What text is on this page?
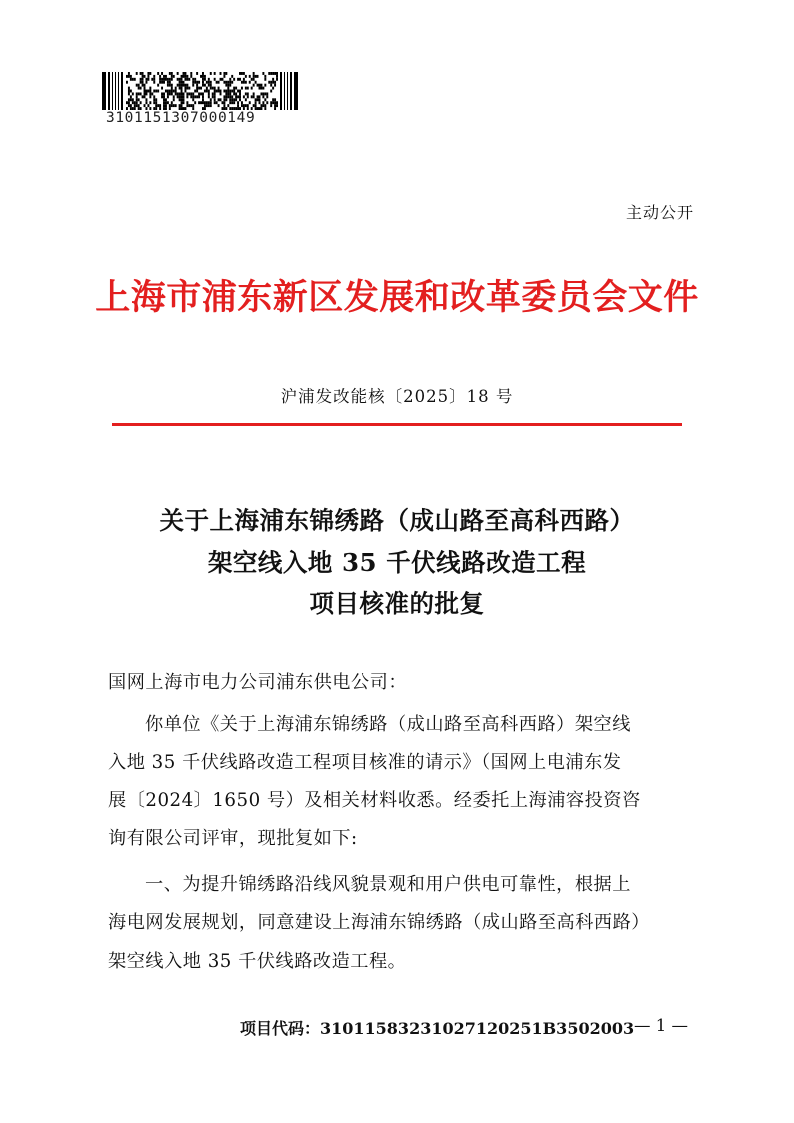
3101151307000149
主动公开
上海市浦东新区发展和改革委员会文件
沪浦发改能核〔2025〕18 号
关于上海浦东锦绣路（成山路至高科西路）
架空线入地 35 千伏线路改造工程
项目核准的批复
国网上海市电力公司浦东供电公司：
你单位《关于上海浦东锦绣路（成山路至高科西路）架空线
入地 35 千伏线路改造工程项目核准的请示》（国网上电浦东发
展〔2024〕1650 号）及相关材料收悉。经委托上海浦容投资咨
询有限公司评审，现批复如下:
一、为提升锦绣路沿线风貌景观和用户供电可靠性，根据上
海电网发展规划，同意建设上海浦东锦绣路（成山路至高科西路）
架空线入地 35 千伏线路改造工程。
项目代码：31011583231027120251B3502003 — 1 —
